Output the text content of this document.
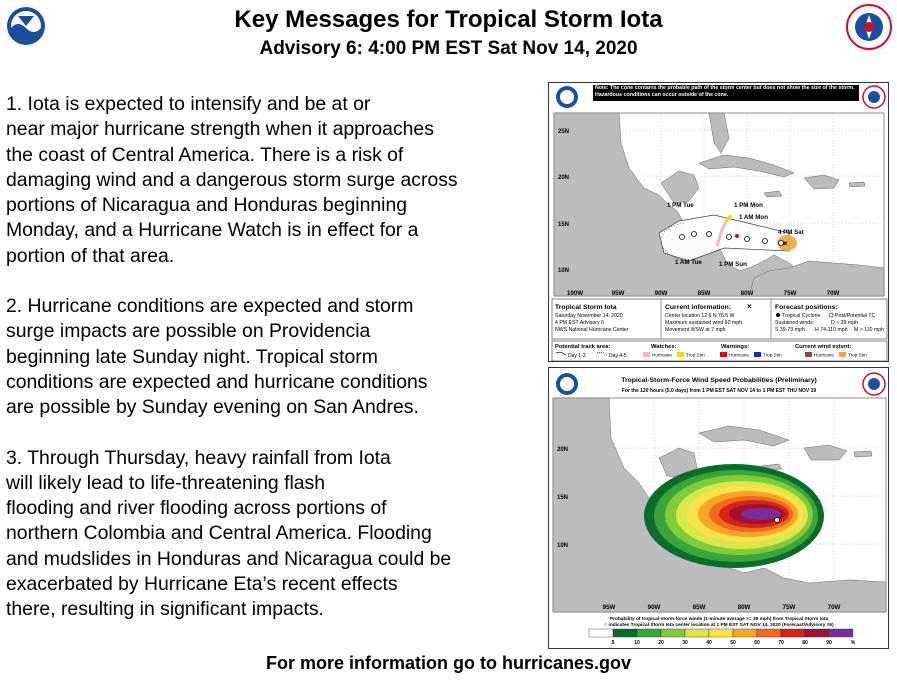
Key Messages for Tropical Storm Iota
Advisory 6: 4:00 PM EST Sat Nov 14, 2020

1. Iota is expected to intensify and be at or
near major hurricane strength when it approaches
the coast of Central America. There is a risk of
damaging wind and a dangerous storm surge across
portions of Nicaragua and Honduras beginning
Monday, and a Hurricane Watch is in effect for a
portion of that area.

2. Hurricane conditions are expected and storm
surge impacts are possible on Providencia
beginning late Sunday night. Tropical storm
conditions are expected and hurricane conditions
are possible by Sunday evening on San Andres.

3. Through Thursday, heavy rainfall from Iota
will likely lead to life-threatening flash
flooding and river flooding across portions of
northern Colombia and Central America. Flooding
and mudslides in Honduras and Nicaragua could be
exacerbated by Hurricane Eta’s recent effects
there, resulting in significant impacts.

Note: The cone contains the probable path of the storm center but does not show the size of the storm. Hazardous conditions can occur outside of the cone.
×
1 PM Tue	1 PM Mon
1 AM Mon
4 PM Sat
1 AM Tue	1 PM Sun
25N
20N
15N
10N
100W	95W	90W	85W	80W	75W	70W
Tropical Storm Iota
Saturday November 14, 2020
4 PM EST Advisory 6
NWS National Hurricane Center
Current information: ×
Center location 12.6 N 76.5 W
Maximum sustained wind 60 mph
Movement WSW at 7 mph
Forecast positions:
Tropical Cyclone	Post/Potential TC
Sustained winds:	D < 39 mph
S 39-73 mph H 74-110 mph M > 110 mph
Potential track area:
Day 1-3	Day 4-5
Watches:
Hurricane	Trop Stm
Warnings:
Hurricane	Trop Stm
Current wind extent:
Hurricane	Trop Stm
Tropical-Storm-Force Wind Speed Probabilities (Preliminary)
For the 120 hours (5.0 days) from 1 PM EST SAT NOV 14 to 1 PM EST THU NOV 19
20N
15N
10N
95W	90W	85W	80W	75W	70W
Probability of tropical-storm-force winds (1-minute average >= 39 mph) from Tropical Storm Iota
○ indicates Tropical Storm Iota center location at 1 PM EST SAT NOV 14, 2020 (Forecast/Advisory #6)
5	10	20	30	40	50	60	70	80	90	%
For more information go to hurricanes.gov
